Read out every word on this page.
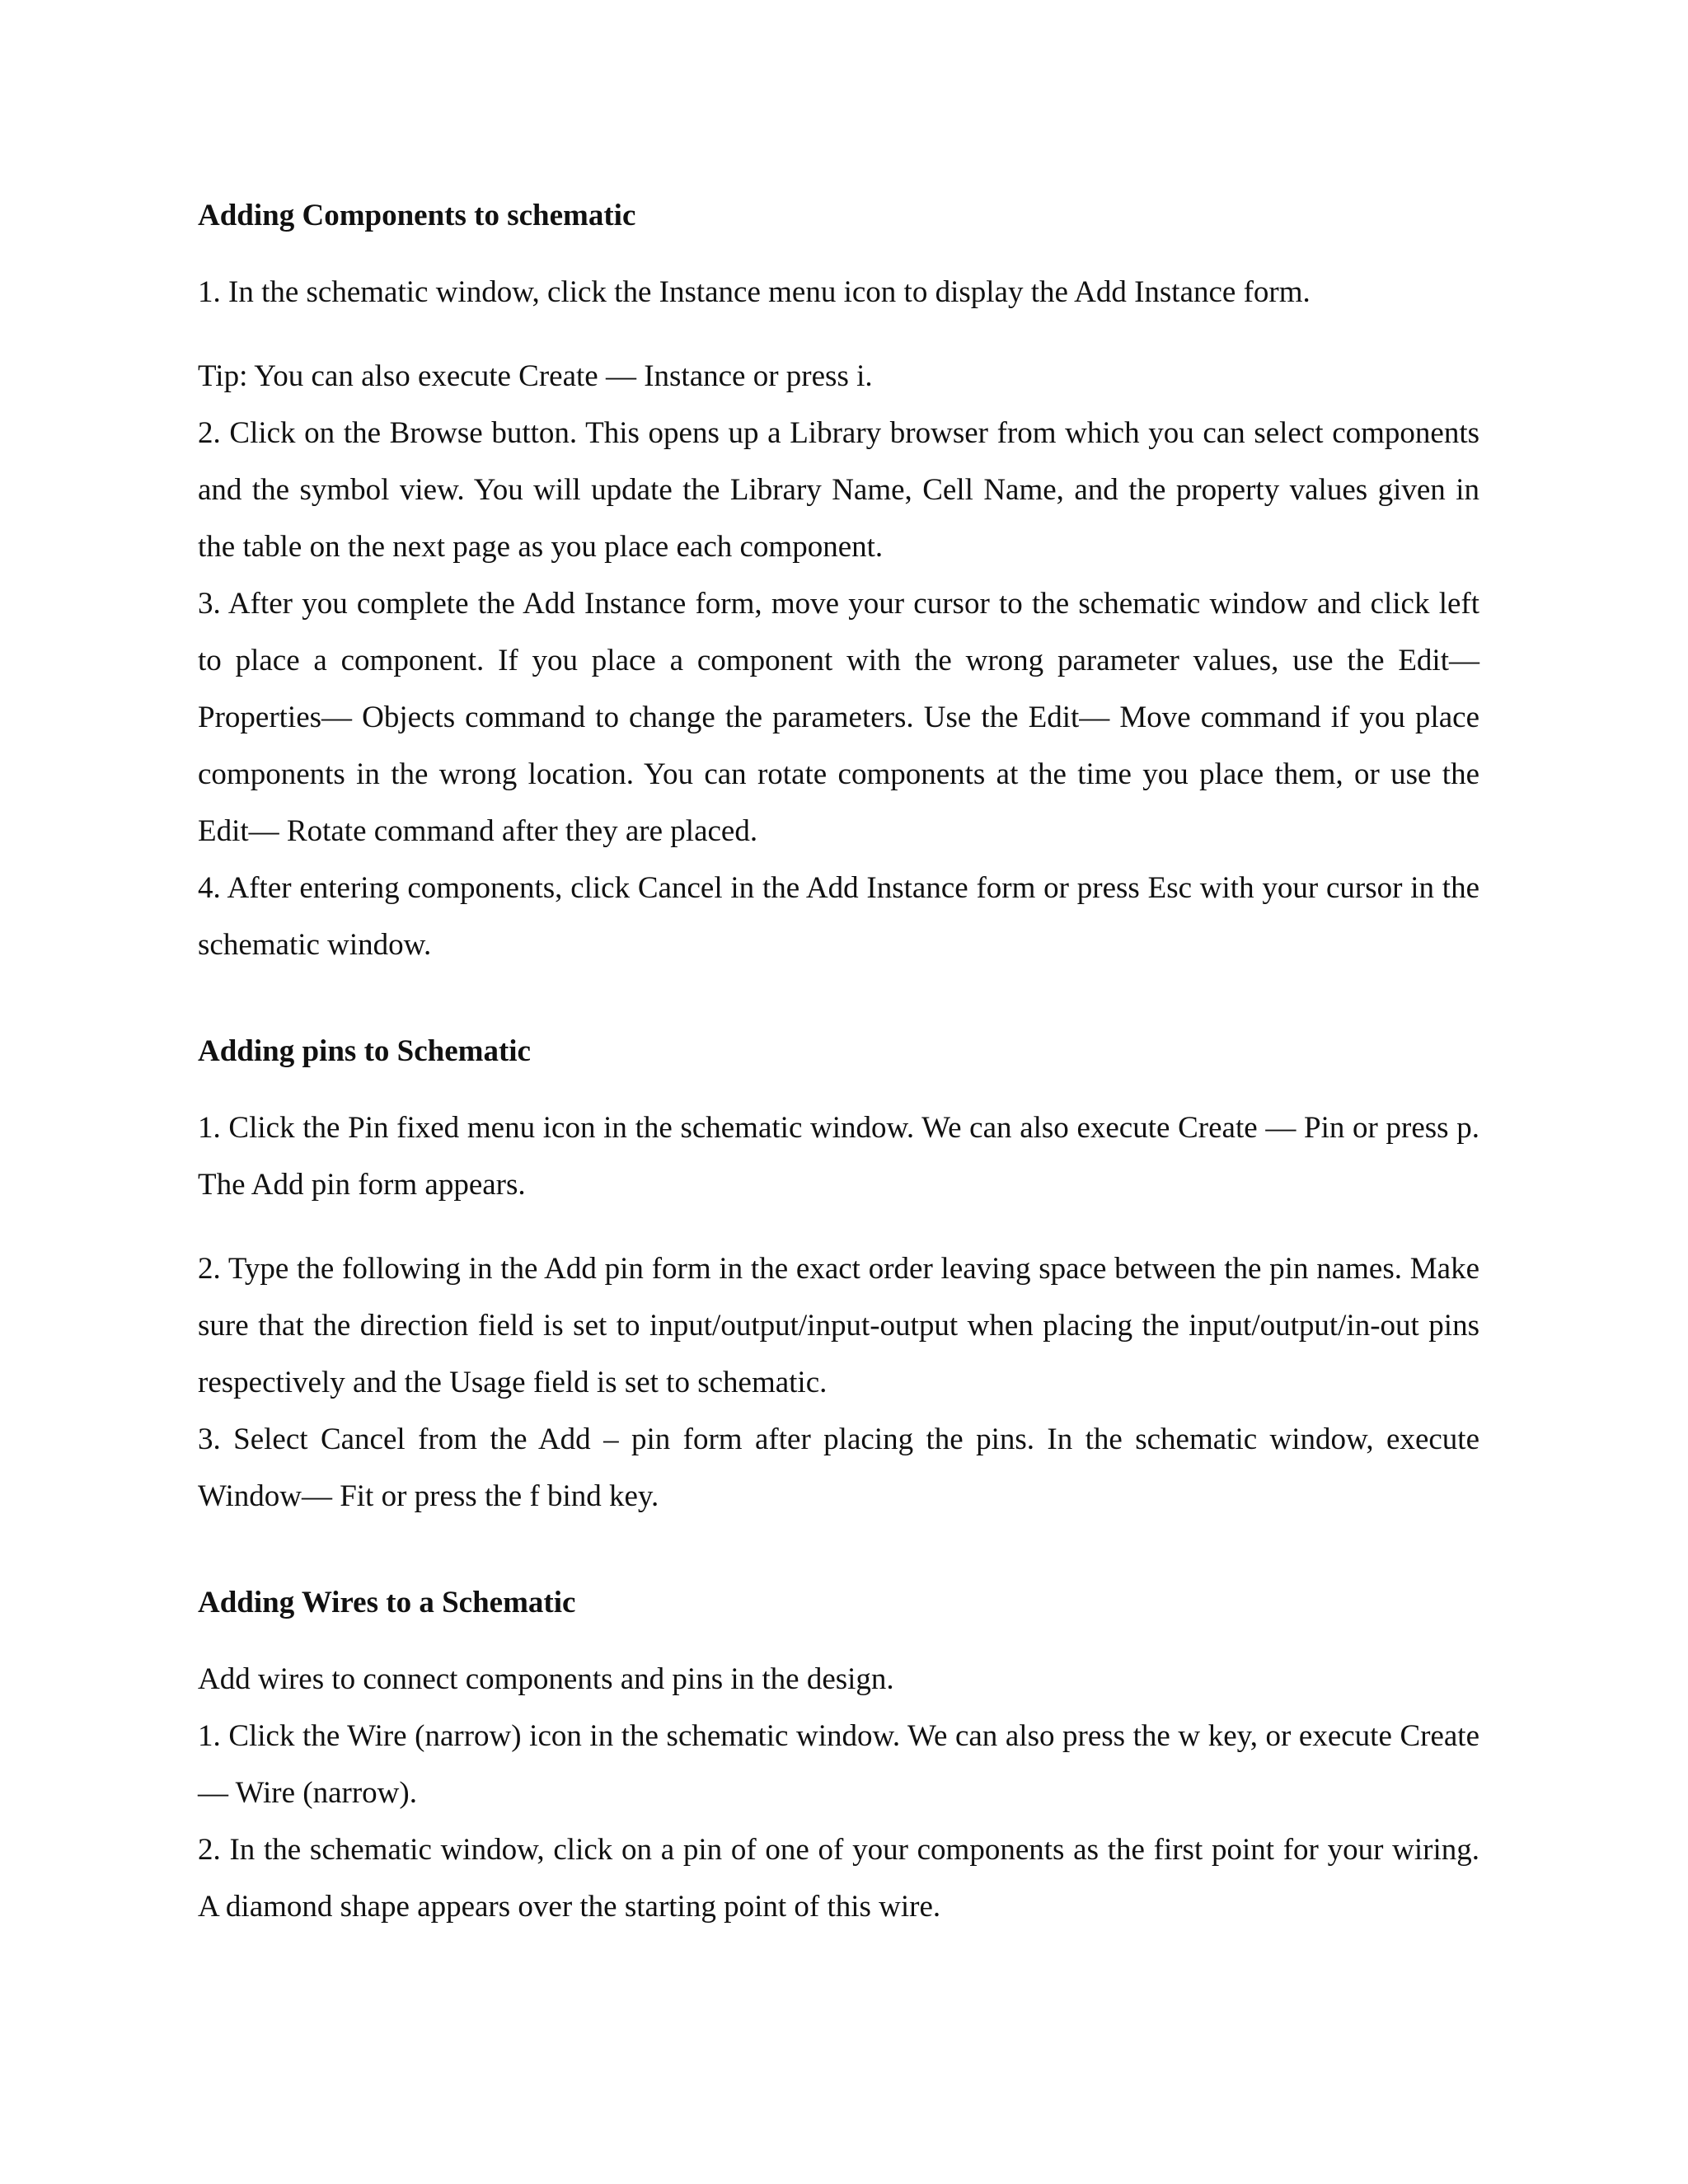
Adding Components to schematic

1. In the schematic window, click the Instance menu icon to display the Add Instance form.

Tip: You can also execute Create — Instance or press i.

2. Click on the Browse button. This opens up a Library browser from which you can select components and the symbol view. You will update the Library Name, Cell Name, and the property values given in the table on the next page as you place each component.

3. After you complete the Add Instance form, move your cursor to the schematic window and click left to place a component. If you place a component with the wrong parameter values, use the Edit—Properties— Objects command to change the parameters. Use the Edit— Move command if you place components in the wrong location. You can rotate components at the time you place them, or use the Edit— Rotate command after they are placed.

4. After entering components, click Cancel in the Add Instance form or press Esc with your cursor in the schematic window.

Adding pins to Schematic

1. Click the Pin fixed menu icon in the schematic window. We can also execute Create — Pin or press p. The Add pin form appears.

2. Type the following in the Add pin form in the exact order leaving space between the pin names. Make sure that the direction field is set to input/output/input-output when placing the input/output/in-out pins respectively and the Usage field is set to schematic.

3. Select Cancel from the Add – pin form after placing the pins. In the schematic window, execute Window— Fit or press the f bind key.

Adding Wires to a Schematic

Add wires to connect components and pins in the design.

1. Click the Wire (narrow) icon in the schematic window. We can also press the w key, or execute Create — Wire (narrow).

2. In the schematic window, click on a pin of one of your components as the first point for your wiring. A diamond shape appears over the starting point of this wire.
